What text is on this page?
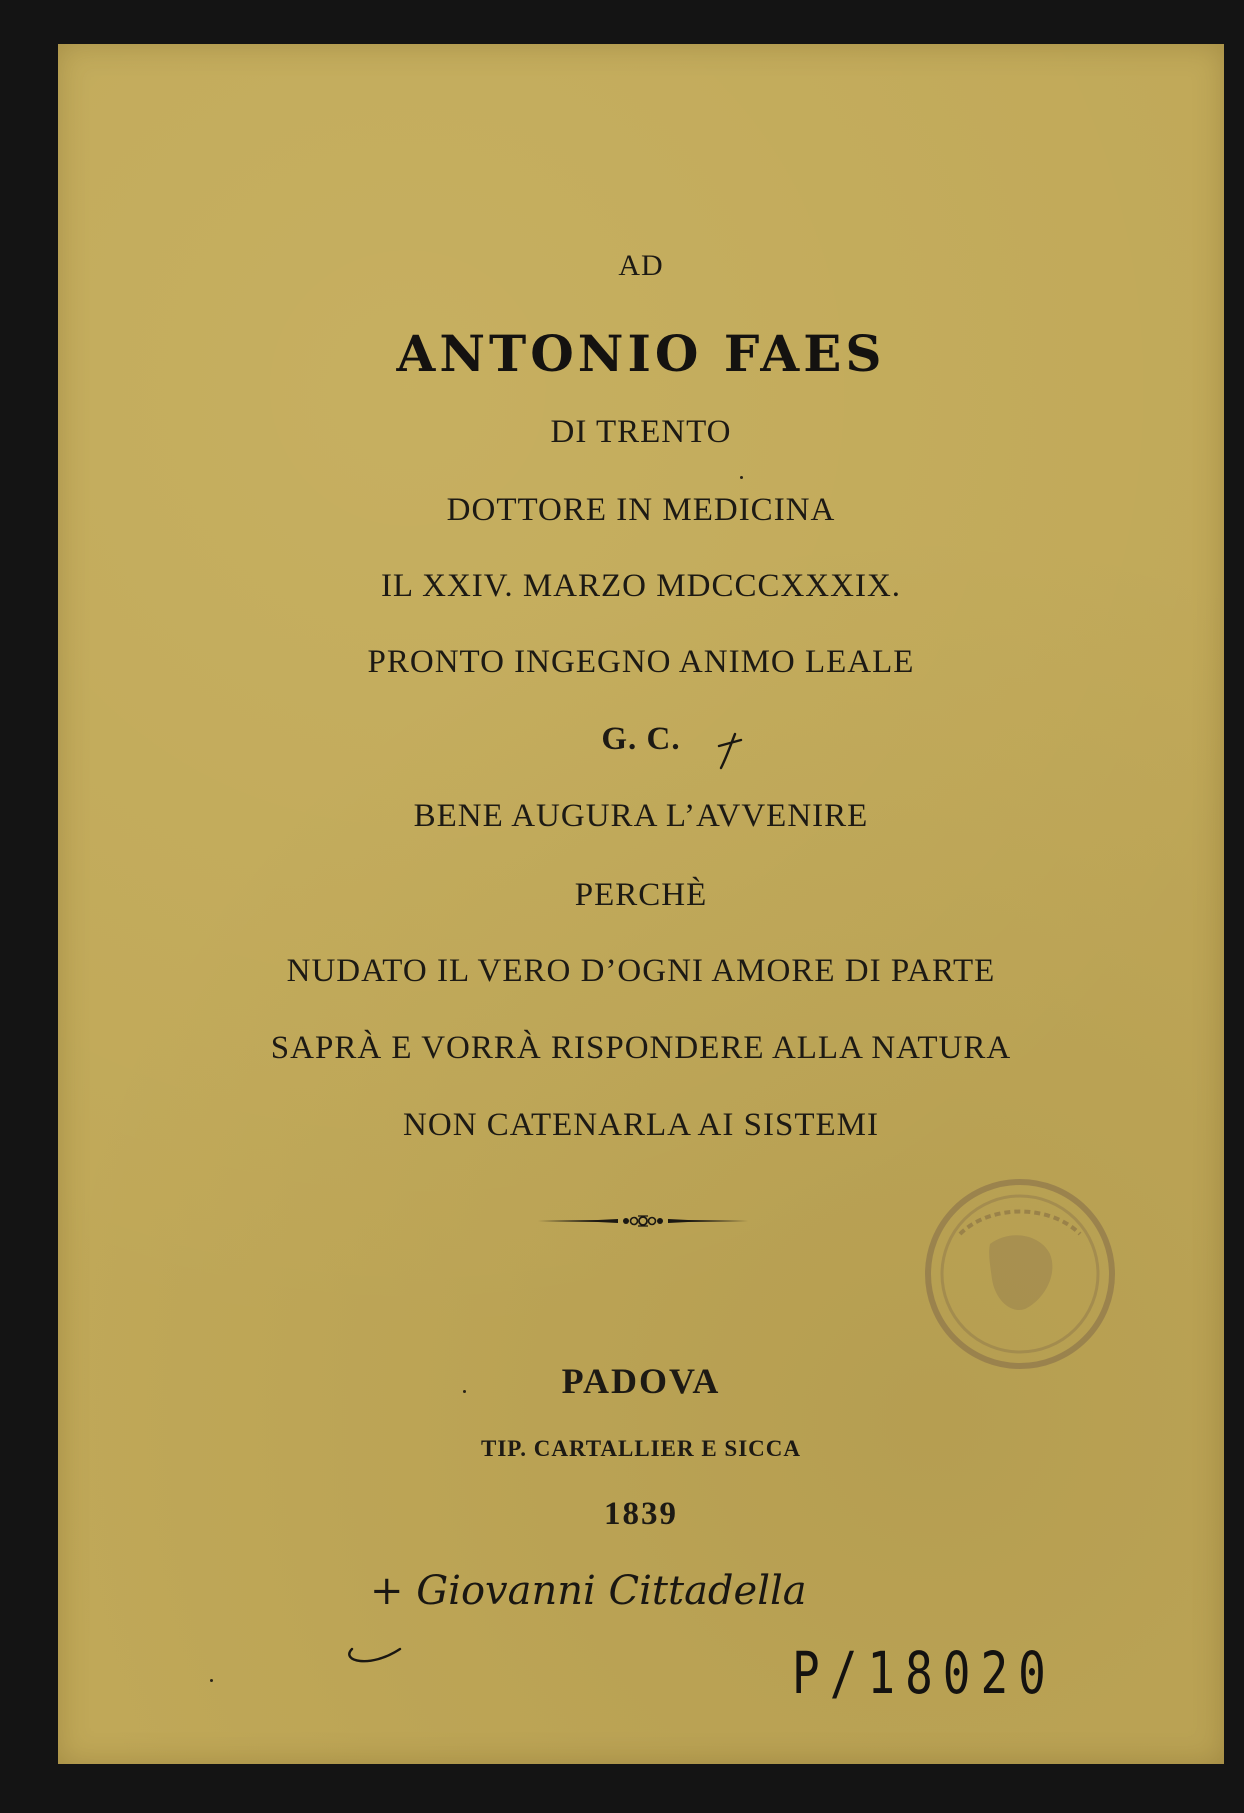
AD
ANTONIO FAES
DI TRENTO
DOTTORE IN MEDICINA
IL XXIV. MARZO MDCCCXXXIX.
PRONTO INGEGNO ANIMO LEALE
G. C.
BENE AUGURA L’AVVENIRE
PERCHÈ
NUDATO IL VERO D’OGNI AMORE DI PARTE
SAPRÀ E VORRÀ RISPONDERE ALLA NATURA
NON CATENARLA AI SISTEMI
PADOVA
TIP. CARTALLIER E SICCA
1839
+ Giovanni Cittadella
P/18020
